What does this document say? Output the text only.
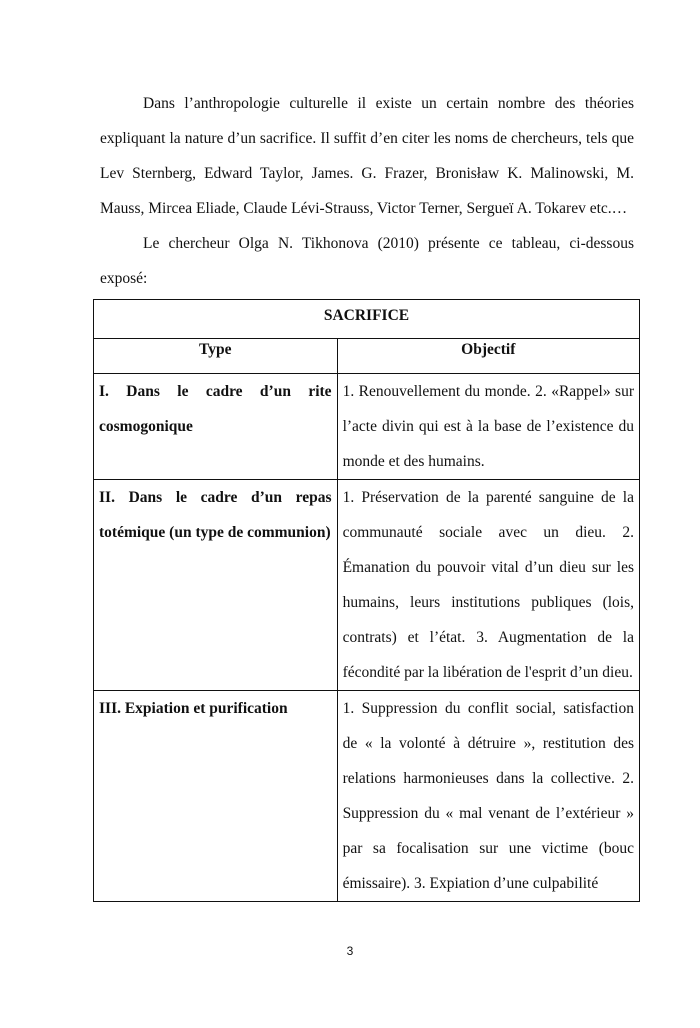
Dans l’anthropologie culturelle il existe un certain nombre des théories expliquant la nature d’un sacrifice. Il suffit d’en citer les noms de chercheurs, tels que Lev Sternberg, Edward Taylor, James. G. Frazer, Bronisław K. Malinowski, M. Mauss, Mircea Eliade, Claude Lévi-Strauss, Victor Terner, Sergueï A. Tokarev etc.…

Le chercheur Olga N. Tikhonova (2010) présente ce tableau, ci-dessous exposé:

SACRIFICE	
Type	Objectif
I. Dans le cadre d’un rite cosmogonique	1. Renouvellement du monde. 2. «Rappel» sur l’acte divin qui est à la base de l’existence du monde et des humains.
II. Dans le cadre d’un repas totémique (un type de communion)	1. Préservation de la parenté sanguine de la communauté sociale avec un dieu. 2. Émanation du pouvoir vital d’un dieu sur les humains, leurs institutions publiques (lois, contrats) et l’état. 3. Augmentation de la fécondité par la libération de l'esprit d’un dieu.
III. Expiation et purification	1. Suppression du conflit social, satisfaction de « la volonté à détruire », restitution des relations harmonieuses dans la collective. 2. Suppression du « mal venant de l’extérieur » par sa focalisation sur une victime (bouc émissaire). 3. Expiation d’une culpabilité
3
